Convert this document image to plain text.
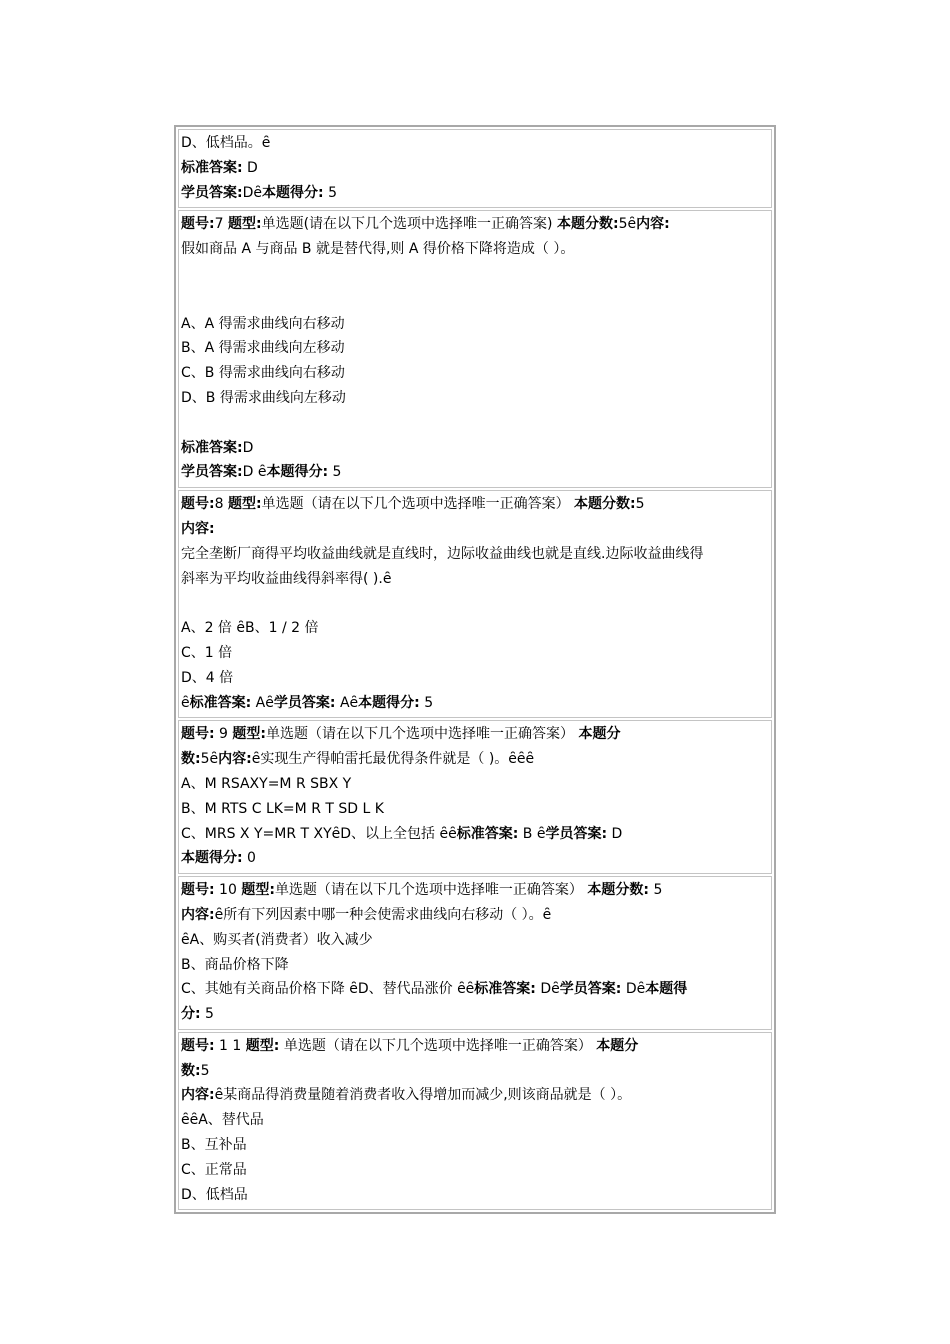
D、低档品。ȇ
标准答案: D
学员答案:Dȇ本题得分: 5
题号:7 题型:单选题(请在以下几个选项中选择唯一正确答案) 本题分数:5ȇ内容:
假如商品 A 与商品 B 就是替代得,则 A 得价格下降将造成（ ）。
A、A 得需求曲线向右移动
B、A 得需求曲线向左移动
C、B 得需求曲线向右移动
D、B 得需求曲线向左移动
标准答案:D
学员答案:D ȇ本题得分: 5
题号:8 题型:单选题（请在以下几个选项中选择唯一正确答案） 本题分数:5
内容:
完全垄断厂商得平均收益曲线就是直线时，边际收益曲线也就是直线.边际收益曲线得
斜率为平均收益曲线得斜率得( ).ȇ
A、2 倍 ȇB、1 / 2 倍
C、1 倍
D、4 倍
ȇ标准答案: Aȇ学员答案: Aȇ本题得分: 5
题号: 9 题型:单选题（请在以下几个选项中选择唯一正确答案） 本题分
数:5ȇ内容:ȇ实现生产得帕雷托最优得条件就是（ )。ȇȇȇ
A、M RSAXY=M R SBX Y
B、M RTS C LK=M R T SD L K
C、MRS X Y=MR T XYȇD、以上全包括 ȇȇ标准答案: B ȇ学员答案: D
本题得分: 0
题号: 10 题型:单选题（请在以下几个选项中选择唯一正确答案） 本题分数: 5
内容:ȇ所有下列因素中哪一种会使需求曲线向右移动（ ）。ȇ
ȇA、购买者(消费者）收入减少
B、商品价格下降
C、其她有关商品价格下降 ȇD、替代品涨价 ȇȇ标准答案: Dȇ学员答案: Dȇ本题得
分: 5
题号: 1 1 题型: 单选题（请在以下几个选项中选择唯一正确答案） 本题分
数:5
内容:ȇ某商品得消费量随着消费者收入得增加而减少,则该商品就是（ ）。
ȇȇA、替代品
B、互补品
C、正常品
D、低档品
